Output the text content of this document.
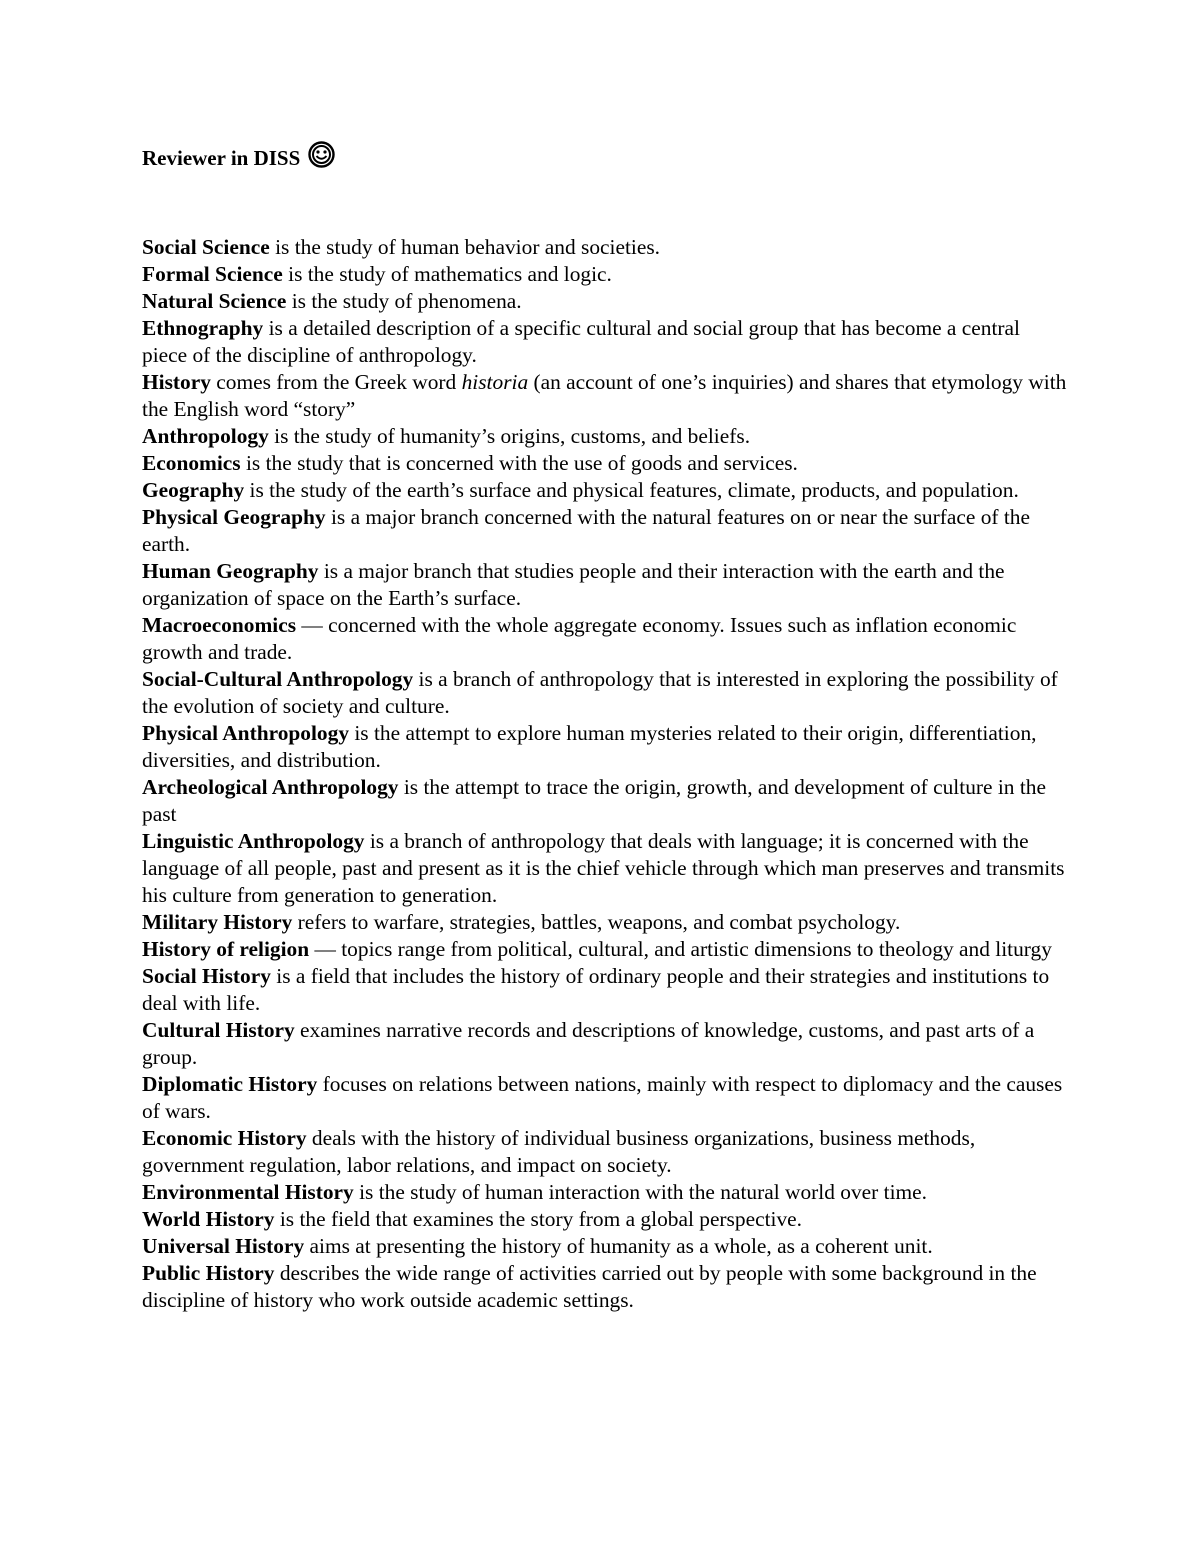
Reviewer in DISS

Social Science is the study of human behavior and societies.

Formal Science is the study of mathematics and logic.

Natural Science is the study of phenomena.

Ethnography is a detailed description of a specific cultural and social group that has become a central piece of the discipline of anthropology.

History comes from the Greek word historia (an account of one’s inquiries) and shares that etymology with the English word “story”

Anthropology is the study of humanity’s origins, customs, and beliefs.

Economics is the study that is concerned with the use of goods and services.

Geography is the study of the earth’s surface and physical features, climate, products, and population.

Physical Geography is a major branch concerned with the natural features on or near the surface of the earth.

Human Geography is a major branch that studies people and their interaction with the earth and the organization of space on the Earth’s surface.

Macroeconomics — concerned with the whole aggregate economy. Issues such as inflation economic growth and trade.

Social-Cultural Anthropology is a branch of anthropology that is interested in exploring the possibility of the evolution of society and culture.

Physical Anthropology is the attempt to explore human mysteries related to their origin, differentiation, diversities, and distribution.

Archeological Anthropology is the attempt to trace the origin, growth, and development of culture in the past

Linguistic Anthropology is a branch of anthropology that deals with language; it is concerned with the language of all people, past and present as it is the chief vehicle through which man preserves and transmits his culture from generation to generation.

Military History refers to warfare, strategies, battles, weapons, and combat psychology.

History of religion — topics range from political, cultural, and artistic dimensions to theology and liturgy

Social History is a field that includes the history of ordinary people and their strategies and institutions to deal with life.

Cultural History examines narrative records and descriptions of knowledge, customs, and past arts of a group.

Diplomatic History focuses on relations between nations, mainly with respect to diplomacy and the causes of wars.

Economic History deals with the history of individual business organizations, business methods, government regulation, labor relations, and impact on society.

Environmental History is the study of human interaction with the natural world over time.

World History is the field that examines the story from a global perspective.

Universal History aims at presenting the history of humanity as a whole, as a coherent unit.

Public History describes the wide range of activities carried out by people with some background in the discipline of history who work outside academic settings.
